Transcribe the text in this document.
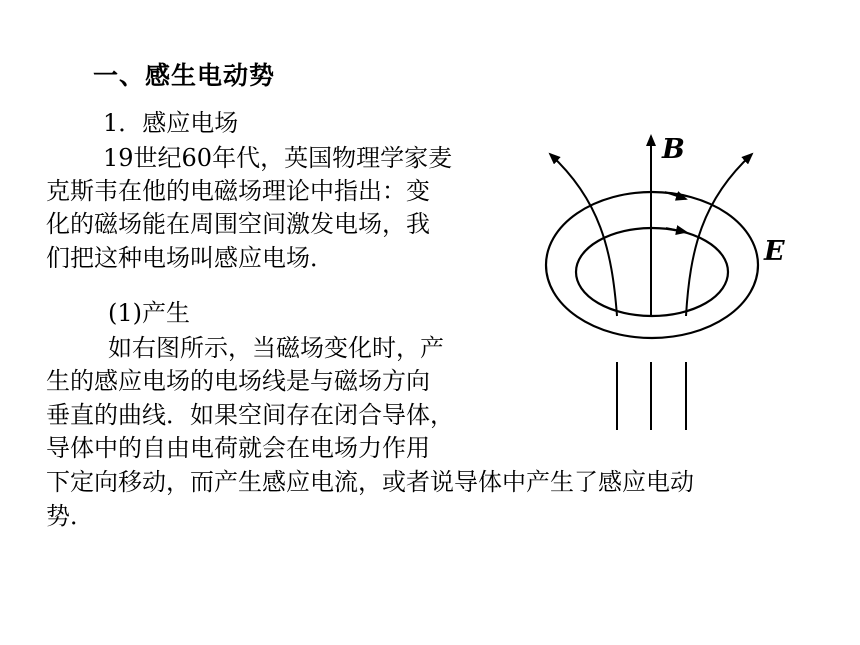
一、感生电动势
1．感应电场
19世纪60年代，英国物理学家麦
克斯韦在他的电磁场理论中指出：变
化的磁场能在周围空间激发电场，我
们把这种电场叫感应电场．
(1)产生
如右图所示，当磁场变化时，产
生的感应电场的电场线是与磁场方向
垂直的曲线．如果空间存在闭合导体，
导体中的自由电荷就会在电场力作用
下定向移动，而产生感应电流，或者说导体中产生了感应电动
势．
B
E
